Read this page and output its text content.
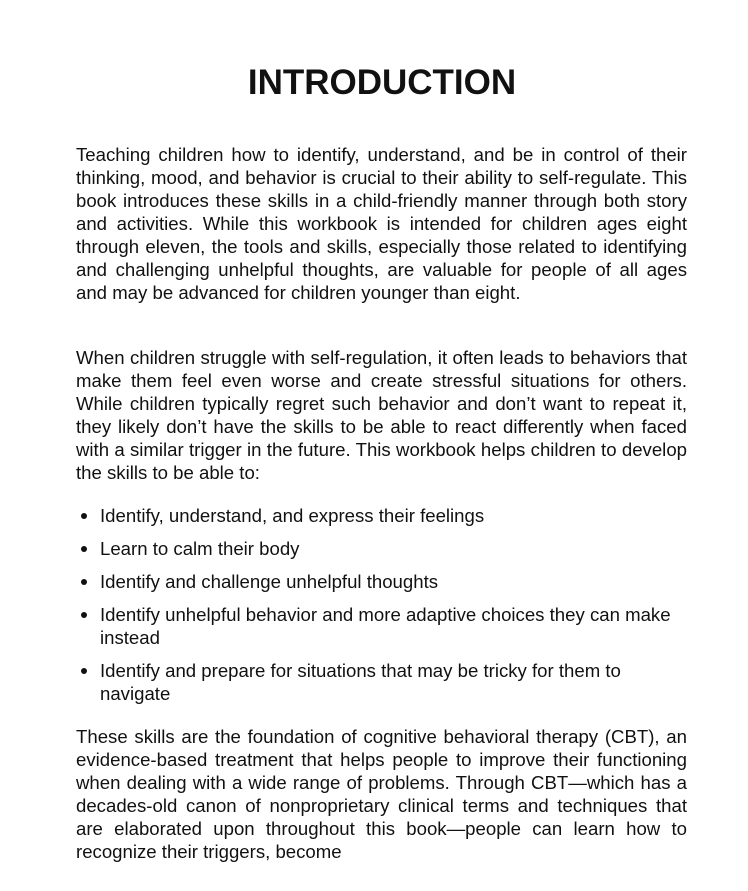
INTRODUCTION

Teaching children how to identify, understand, and be in control of their thinking, mood, and behavior is crucial to their ability to self-regulate. This book introduces these skills in a child-friendly manner through both story and activities. While this workbook is intended for children ages eight through eleven, the tools and skills, especially those related to identifying and challenging unhelpful thoughts, are valuable for people of all ages and may be advanced for children younger than eight.

When children struggle with self-regulation, it often leads to behaviors that make them feel even worse and create stressful situations for others. While children typically regret such behavior and don’t want to repeat it, they likely don’t have the skills to be able to react differently when faced with a similar trigger in the future. This workbook helps children to develop the skills to be able to:

Identify, understand, and express their feelings
Learn to calm their body
Identify and challenge unhelpful thoughts
Identify unhelpful behavior and more adaptive choices they can make instead
Identify and prepare for situations that may be tricky for them to navigate

These skills are the foundation of cognitive behavioral therapy (CBT), an evidence-based treatment that helps people to improve their functioning when dealing with a wide range of problems. Through CBT—which has a decades-old canon of nonproprietary clinical terms and techniques that are elaborated upon throughout this book—people can learn how to recognize their triggers, become
